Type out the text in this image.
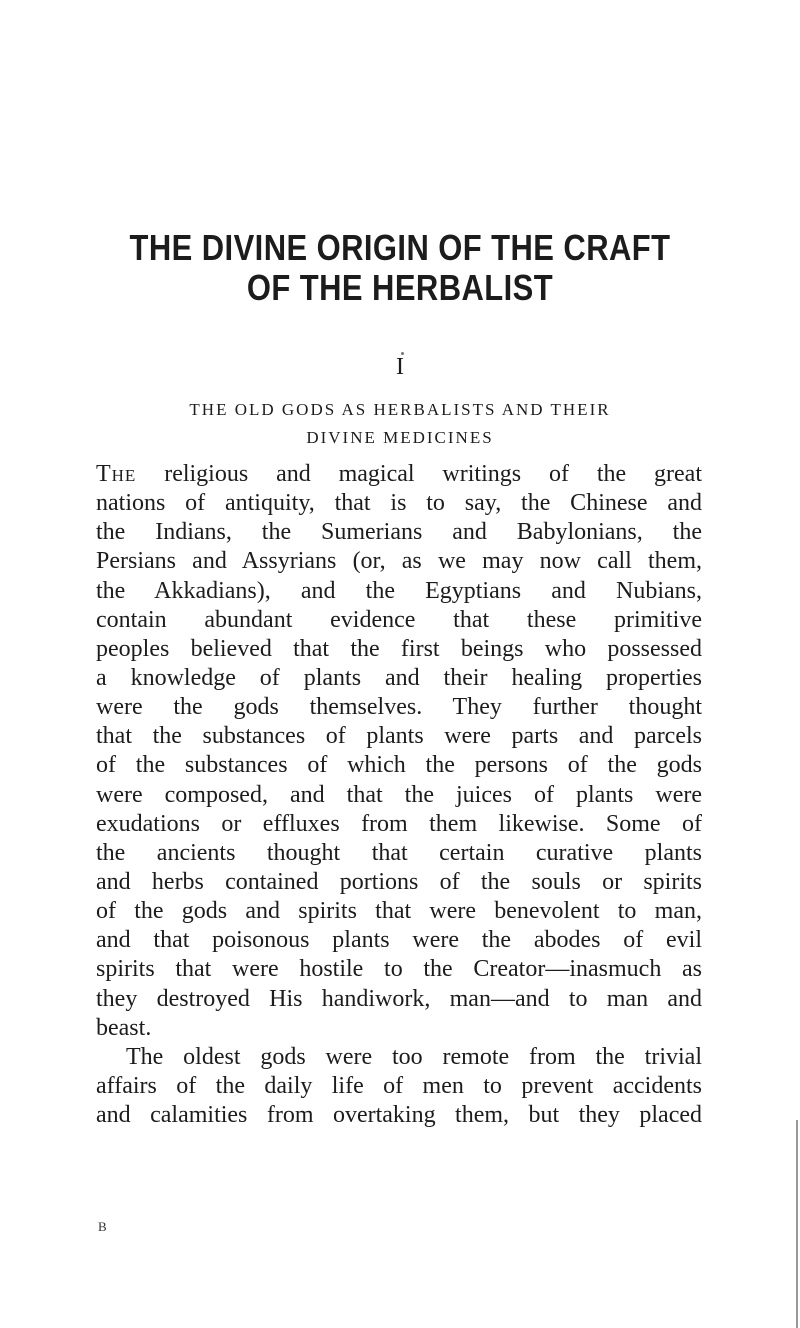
THE DIVINE ORIGIN OF THE CRAFT
OF THE HERBALIST
I
THE OLD GODS AS HERBALISTS AND THEIR
DIVINE MEDICINES
The religious and magical writings of the great
nations of antiquity, that is to say, the Chinese and
the Indians, the Sumerians and Babylonians, the
Persians and Assyrians (or, as we may now call them,
the Akkadians), and the Egyptians and Nubians,
contain abundant evidence that these primitive
peoples believed that the first beings who possessed
a knowledge of plants and their healing properties
were the gods themselves. They further thought
that the substances of plants were parts and parcels
of the substances of which the persons of the gods
were composed, and that the juices of plants were
exudations or effluxes from them likewise. Some of
the ancients thought that certain curative plants
and herbs contained portions of the souls or spirits
of the gods and spirits that were benevolent to man,
and that poisonous plants were the abodes of evil
spirits that were hostile to the Creator—inasmuch as
they destroyed His handiwork, man—and to man and
beast.
The oldest gods were too remote from the trivial
affairs of the daily life of men to prevent accidents
and calamities from overtaking them, but they placed
B
